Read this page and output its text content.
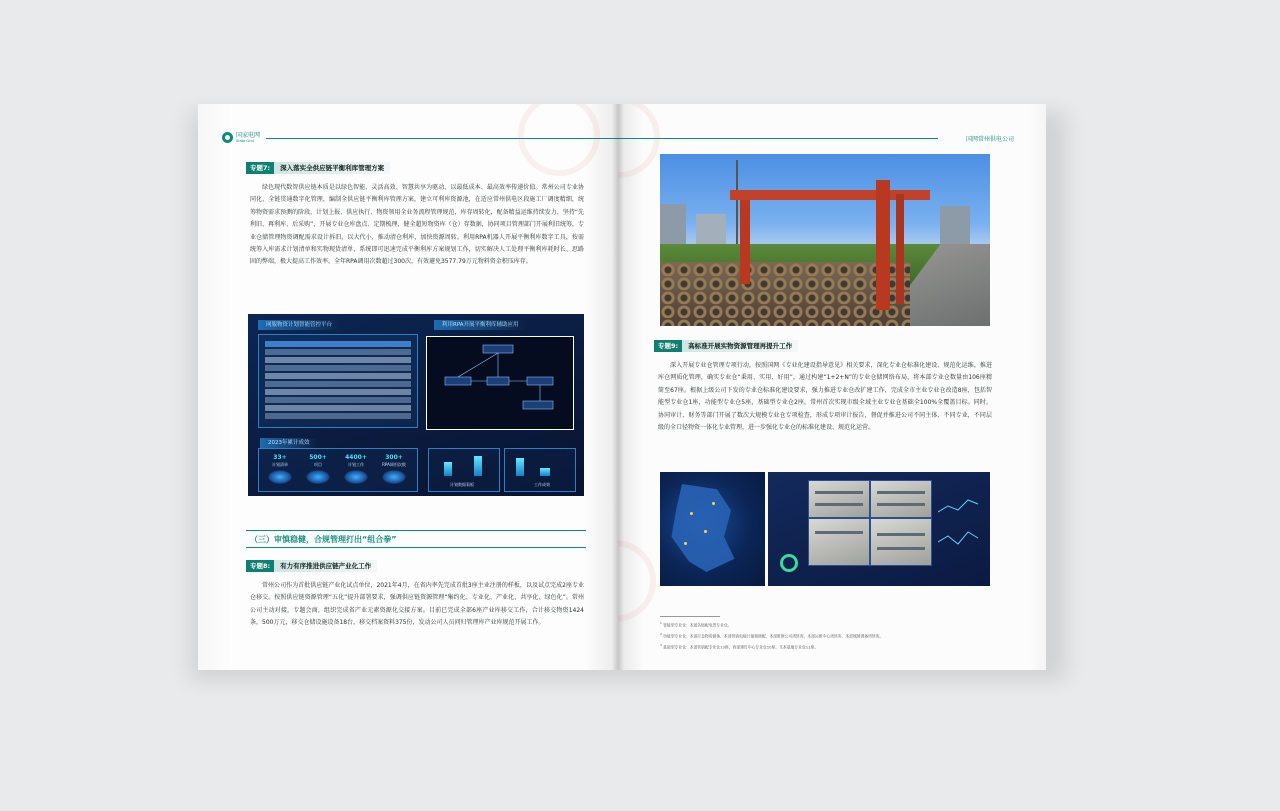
国家电网
State Grid
专题7:	深入落实全供应链平衡利库管理方案

绿色现代数智供应链本质是以绿色智能、灵活高效、智慧共享为驱动，以最低成本、最高效率传递价值。常州公司专业协同化、全链贯通数字化管理，编制全供应链平衡利库管理方案，建立可利库资源池，在适应常州供电区段施工厂调度精细，统筹物资需求预测的阶段，计划上报、供应执行、物资领用全业务流程管理规范，库存周转化，配备精益运维持续发力，坚持“先利旧、再利库、后采购”，开展专业仓库盘点、定期梳理，健全超短物资库（仓）存数据，协同项目管理部门开展利旧统筹，专业仓储管理物资调配需求设计拆旧，以大代小，推动清仓利库，加快资源周转。利用RPA机器人开展平衡利库数字工具，按需统筹入库需求计划清单和实物现货清单，系统即可迅速完成平衡利库方案规划工作，切实解决人工处理平衡利库耗时长、思路固的弊端，极大提高工作效率。全年RPA调用次数超过300次，有效避免3577.79万元物料资金积压库存。

网服物资计划智能管控平台	利用RPA开展平衡利库辅助应用
2023年累计成效
33+
计划清单
500+
项目
4400+
计划工作
300+
RPA调用次数
计划数据看板	工作成效
（三）审慎稳健，合规管理打出“组合拳”
专题8:	有力有序推进供应链产业化工作

常州公司作为首批供应链产业化试点单位，2021年4月，在省内率先完成首批3座主业注册的样板，以及试点完成2座专业仓移交。按照供应链资源管理“五化”提升部署要求，强调供应链资源管理“集约化、专业化、产业化、共享化、绿色化”。常州公司主动对接，专题会商，组织完成省产业元素资源化交接方案。目前已完成全部6座产业库移交工作，合计移交物资1424条，500万元，移交仓储设施设备18台，移交档案资料375份，发动公司人员问归管理库产业库规范开展工作。

国网常州供电公司
专题9:	高标准开展实物资源管理再提升工作

深入开展专业仓管理专项行动，按照国网《专业化建设指导意见》相关要求，深化专业仓标准化建设、规范化运维，推进库仓网质化管理，确实专业仓“秉用、实用、好用”，通过构建“1+2+N”的专业仓储网络布局，将本部专业仓数量由106座精简至67座。根据上级公司下发的专业仓标准化建设要求，强力推进专业仓改扩建工作，完成全市主业专业仓改造8座，包括智能型专业仓1座，功能型专业仓5座，基础型专业仓2座，常州首次实现市级全域主业专业仓基础全100%全覆盖目标。同时，协同审计、财务等部门开展了数次大规模专业仓专项检查，形成专项审计报告，督促并推进公司不同主体、不同专业，不同层级的全口径物资一体化专业管理，进一步强化专业仓的标准化建设、规范化运营。

$^1$ 智能型专业仓：本部各级配电普专业仓。
$^2$ 功能型专业仓：本部应急物资储备、本部营销电能计量箱调配、本部维修公司周转库、本部运维中心周转库、本部城建调备周转库。
$^3$ 基础型专业仓：本部营销配专业仓13座，西部建设中心专业仓10座，支本基地专业仓11座。
